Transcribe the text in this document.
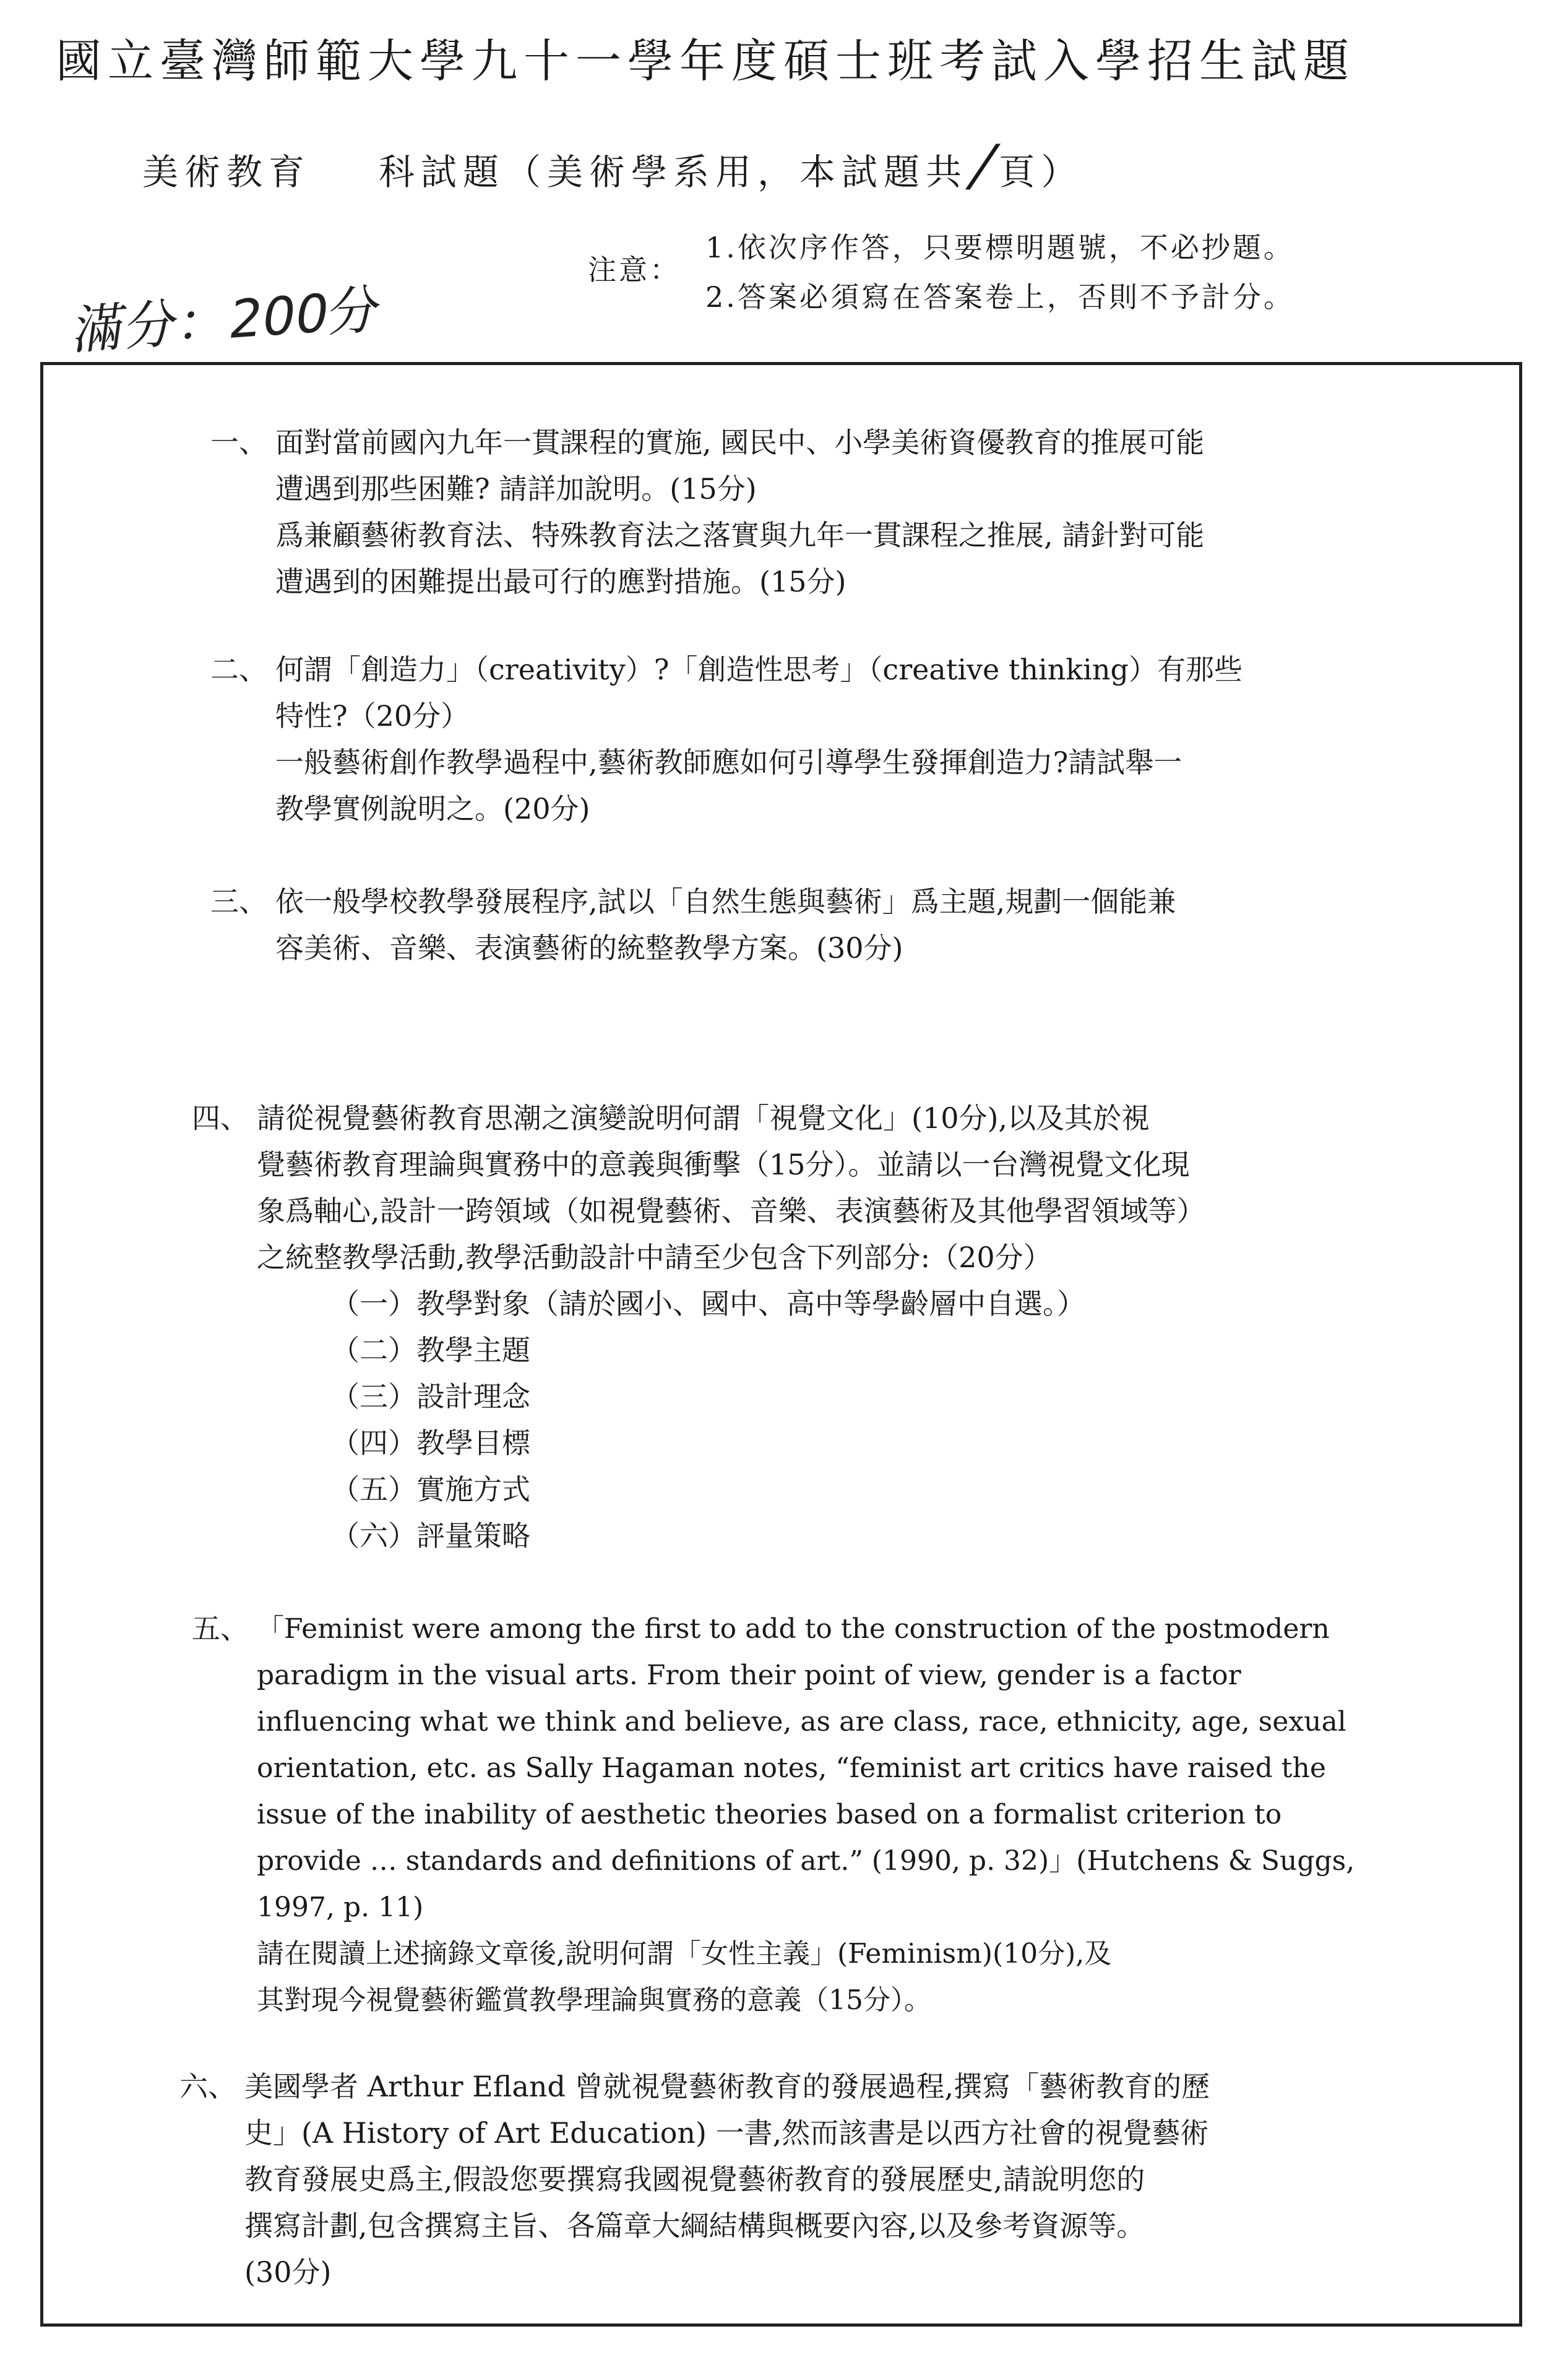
國立臺灣師範大學九十一學年度碩士班考試入學招生試題
美術教育 科試題（美術學系用，本試題共/頁）
注意：
1.依次序作答，只要標明題號，不必抄題。
2.答案必須寫在答案卷上，否則不予計分。
滿分：200分
一、 面對當前國內九年一貫課程的實施, 國民中、小學美術資優教育的推展可能
遭遇到那些困難? 請詳加說明。(15分)
爲兼顧藝術教育法、特殊教育法之落實與九年一貫課程之推展, 請針對可能
遭遇到的困難提出最可行的應對措施。(15分)
二、 何謂「創造力」（creativity）?「創造性思考」（creative thinking）有那些
特性?（20分）
一般藝術創作教學過程中,藝術教師應如何引導學生發揮創造力?請試舉一
教學實例說明之。(20分)
三、 依一般學校教學發展程序,試以「自然生態與藝術」爲主題,規劃一個能兼
容美術、音樂、表演藝術的統整教學方案。(30分)
四、 請從視覺藝術教育思潮之演變說明何謂「視覺文化」(10分),以及其於視
覺藝術教育理論與實務中的意義與衝擊（15分）。並請以一台灣視覺文化現
象爲軸心,設計一跨領域（如視覺藝術、音樂、表演藝術及其他學習領域等）
之統整教學活動,教學活動設計中請至少包含下列部分:（20分）
（一）教學對象（請於國小、國中、高中等學齡層中自選。）
（二）教學主題
（三）設計理念
（四）教學目標
（五）實施方式
（六）評量策略
五、 「Feminist were among the first to add to the construction of the postmodern
paradigm in the visual arts. From their point of view, gender is a factor
influencing what we think and believe, as are class, race, ethnicity, age, sexual
orientation, etc. as Sally Hagaman notes, “feminist art critics have raised the
issue of the inability of aesthetic theories based on a formalist criterion to
provide … standards and definitions of art.” (1990, p. 32)」(Hutchens & Suggs,
1997, p. 11)
請在閱讀上述摘錄文章後,說明何謂「女性主義」(Feminism)(10分),及
其對現今視覺藝術鑑賞教學理論與實務的意義（15分）。
六、 美國學者 Arthur Efland 曾就視覺藝術教育的發展過程,撰寫「藝術教育的歷
史」(A History of Art Education) 一書,然而該書是以西方社會的視覺藝術
教育發展史爲主,假設您要撰寫我國視覺藝術教育的發展歷史,請說明您的
撰寫計劃,包含撰寫主旨、各篇章大綱結構與概要內容,以及參考資源等。
(30分)
